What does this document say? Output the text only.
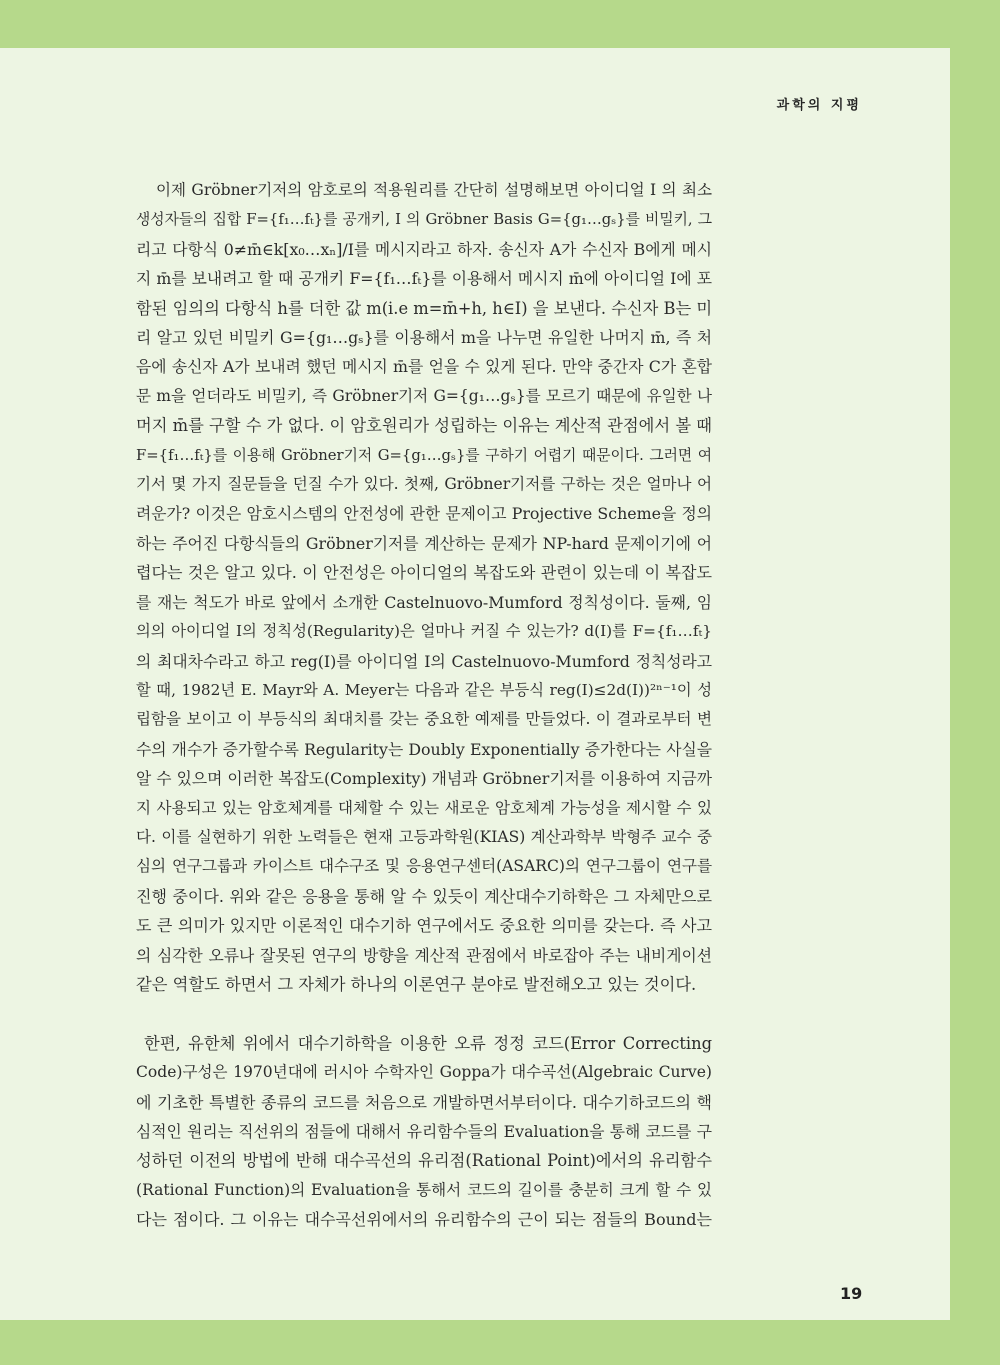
과학의 지평
이제 Gröbner기저의 암호로의 적용원리를 간단히 설명해보면 아이디얼 I 의 최소
생성자들의 집합 F={f₁…fₜ}를 공개키, I 의 Gröbner Basis G={g₁…gₛ}를 비밀키, 그
리고 다항식 0≠m̄∈k[x₀…xₙ]/I를 메시지라고 하자. 송신자 A가 수신자 B에게 메시
지 m̄를 보내려고 할 때 공개키 F={f₁…fₜ}를 이용해서 메시지 m̄에 아이디얼 I에 포
함된 임의의 다항식 h를 더한 값 m(i.e m=m̄+h, h∈I) 을 보낸다. 수신자 B는 미
리 알고 있던 비밀키 G={g₁…gₛ}를 이용해서 m을 나누면 유일한 나머지 m̄, 즉 처
음에 송신자 A가 보내려 했던 메시지 m̄를 얻을 수 있게 된다. 만약 중간자 C가 혼합
문 m을 얻더라도 비밀키, 즉 Gröbner기저 G={g₁…gₛ}를 모르기 때문에 유일한 나
머지 m̄를 구할 수 가 없다. 이 암호원리가 성립하는 이유는 계산적 관점에서 볼 때
F={f₁…fₜ}를 이용해 Gröbner기저 G={g₁…gₛ}를 구하기 어렵기 때문이다. 그러면 여
기서 몇 가지 질문들을 던질 수가 있다. 첫째, Gröbner기저를 구하는 것은 얼마나 어
려운가? 이것은 암호시스템의 안전성에 관한 문제이고 Projective Scheme을 정의
하는 주어진 다항식들의 Gröbner기저를 계산하는 문제가 NP-hard 문제이기에 어
렵다는 것은 알고 있다. 이 안전성은 아이디얼의 복잡도와 관련이 있는데 이 복잡도
를 재는 척도가 바로 앞에서 소개한 Castelnuovo-Mumford 정칙성이다. 둘째, 임
의의 아이디얼 I의 정칙성(Regularity)은 얼마나 커질 수 있는가? d(I)를 F={f₁…fₜ}
의 최대차수라고 하고 reg(I)를 아이디얼 I의 Castelnuovo-Mumford 정칙성라고
할 때, 1982년 E. Mayr와 A. Meyer는 다음과 같은 부등식 reg(I)≤2d(I))²ⁿ⁻¹이 성
립함을 보이고 이 부등식의 최대치를 갖는 중요한 예제를 만들었다. 이 결과로부터 변
수의 개수가 증가할수록 Regularity는 Doubly Exponentially 증가한다는 사실을
알 수 있으며 이러한 복잡도(Complexity) 개념과 Gröbner기저를 이용하여 지금까
지 사용되고 있는 암호체계를 대체할 수 있는 새로운 암호체계 가능성을 제시할 수 있
다. 이를 실현하기 위한 노력들은 현재 고등과학원(KIAS) 계산과학부 박형주 교수 중
심의 연구그룹과 카이스트 대수구조 및 응용연구센터(ASARC)의 연구그룹이 연구를
진행 중이다. 위와 같은 응용을 통해 알 수 있듯이 계산대수기하학은 그 자체만으로
도 큰 의미가 있지만 이론적인 대수기하 연구에서도 중요한 의미를 갖는다. 즉 사고
의 심각한 오류나 잘못된 연구의 방향을 계산적 관점에서 바로잡아 주는 내비게이션
같은 역할도 하면서 그 자체가 하나의 이론연구 분야로 발전해오고 있는 것이다.
한편, 유한체 위에서 대수기하학을 이용한 오류 정정 코드(Error Correcting
Code)구성은 1970년대에 러시아 수학자인 Goppa가 대수곡선(Algebraic Curve)
에 기초한 특별한 종류의 코드를 처음으로 개발하면서부터이다. 대수기하코드의 핵
심적인 원리는 직선위의 점들에 대해서 유리함수들의 Evaluation을 통해 코드를 구
성하던 이전의 방법에 반해 대수곡선의 유리점(Rational Point)에서의 유리함수
(Rational Function)의 Evaluation을 통해서 코드의 길이를 충분히 크게 할 수 있
다는 점이다. 그 이유는 대수곡선위에서의 유리함수의 근이 되는 점들의 Bound는
19
